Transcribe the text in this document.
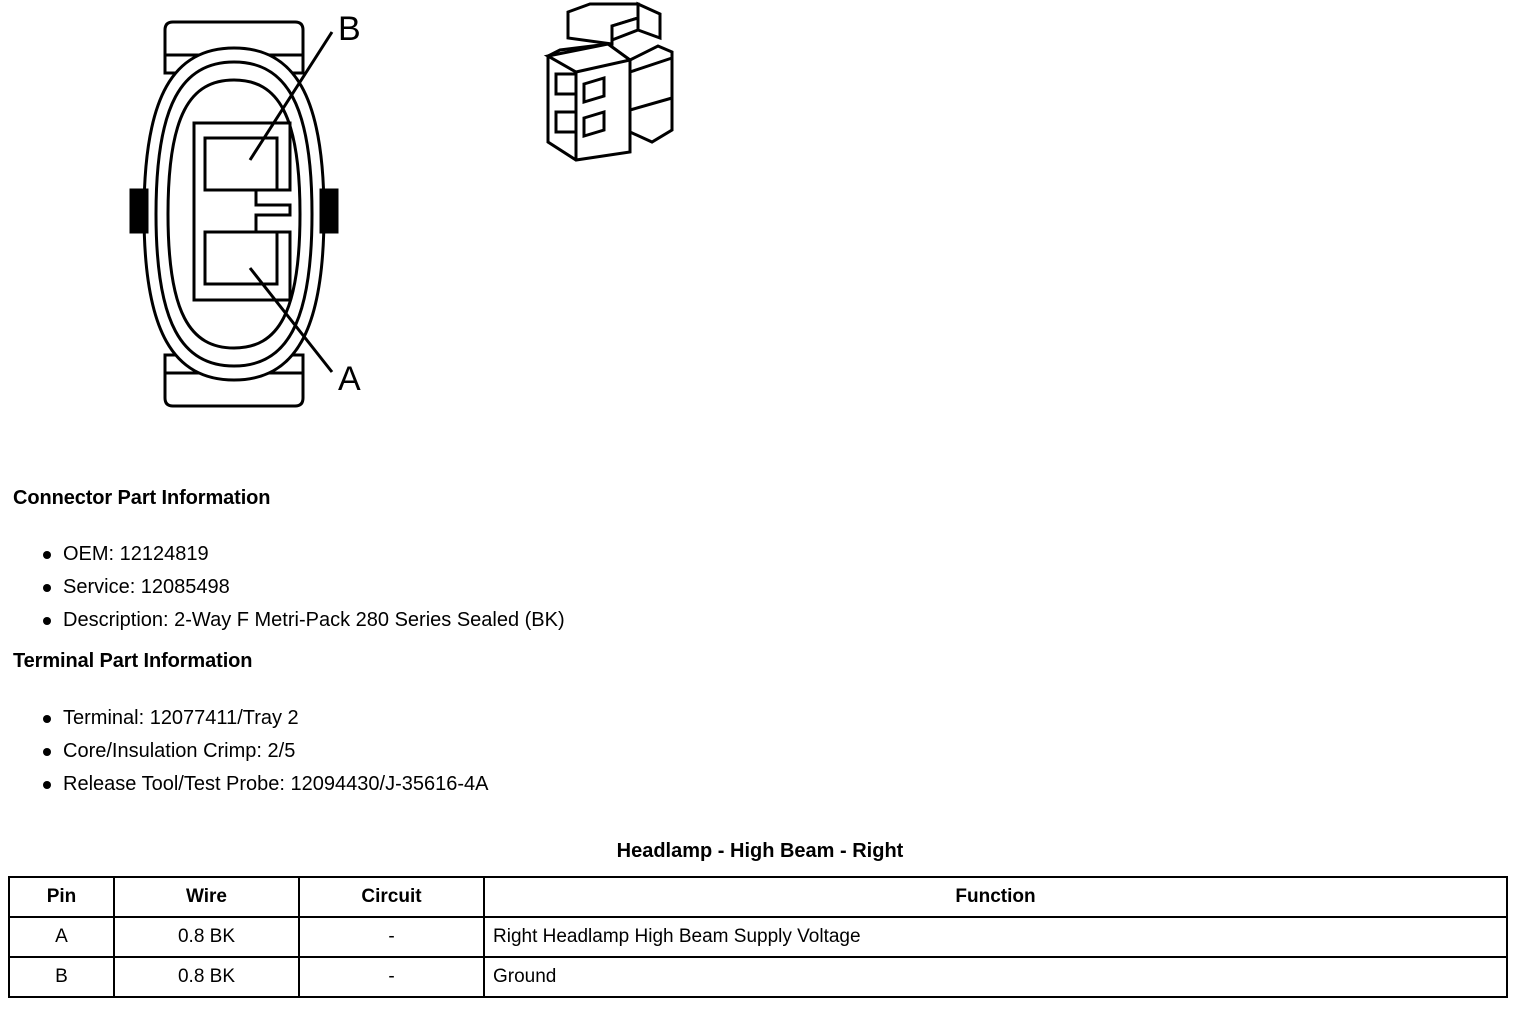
B
A
Connector Part Information
OEM: 12124819
Service: 12085498
Description: 2-Way F Metri-Pack 280 Series Sealed (BK)
Terminal Part Information
Terminal: 12077411/Tray 2
Core/Insulation Crimp: 2/5
Release Tool/Test Probe: 12094430/J-35616-4A
Headlamp - High Beam - Right
Pin	Wire	Circuit	Function
A	0.8 BK	-	Right Headlamp High Beam Supply Voltage
B	0.8 BK	-	Ground
